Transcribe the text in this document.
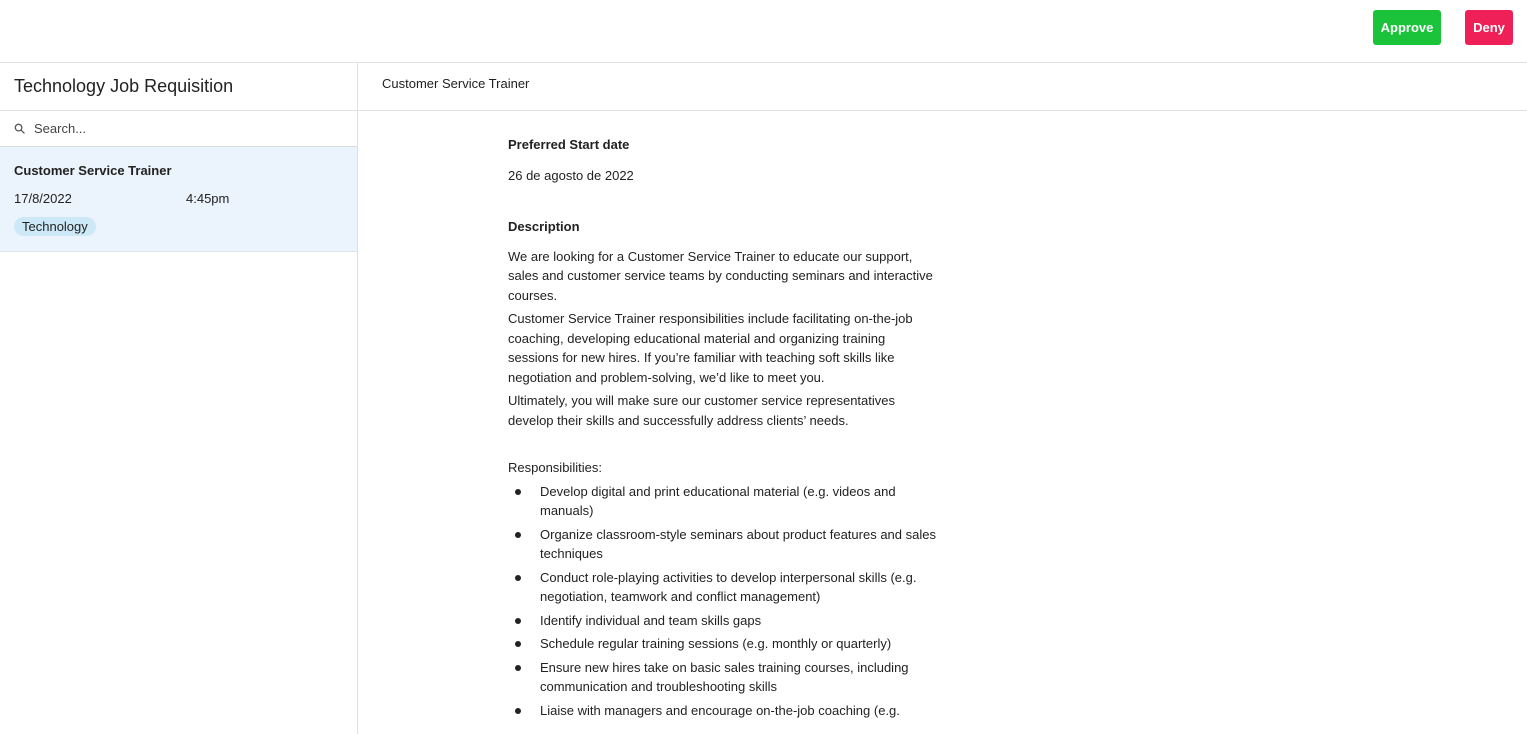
Approve	Deny
Technology Job Requisition
Search...
Customer Service Trainer
17/8/2022	4:45pm
Technology
Customer Service Trainer
Preferred Start date
26 de agosto de 2022
Description
We are looking for a Customer Service Trainer to educate our support, sales and customer service teams by conducting seminars and interactive courses.
Customer Service Trainer responsibilities include facilitating on-the-job coaching, developing educational material and organizing training sessions for new hires. If you’re familiar with teaching soft skills like negotiation and problem-solving, we’d like to meet you.
Ultimately, you will make sure our customer service representatives develop their skills and successfully address clients’ needs.
Responsibilities:
Develop digital and print educational material (e.g. videos and manuals)
Organize classroom-style seminars about product features and sales techniques
Conduct role-playing activities to develop interpersonal skills (e.g. negotiation, teamwork and conflict management)
Identify individual and team skills gaps
Schedule regular training sessions (e.g. monthly or quarterly)
Ensure new hires take on basic sales training courses, including communication and troubleshooting skills
Liaise with managers and encourage on-the-job coaching (e.g.
